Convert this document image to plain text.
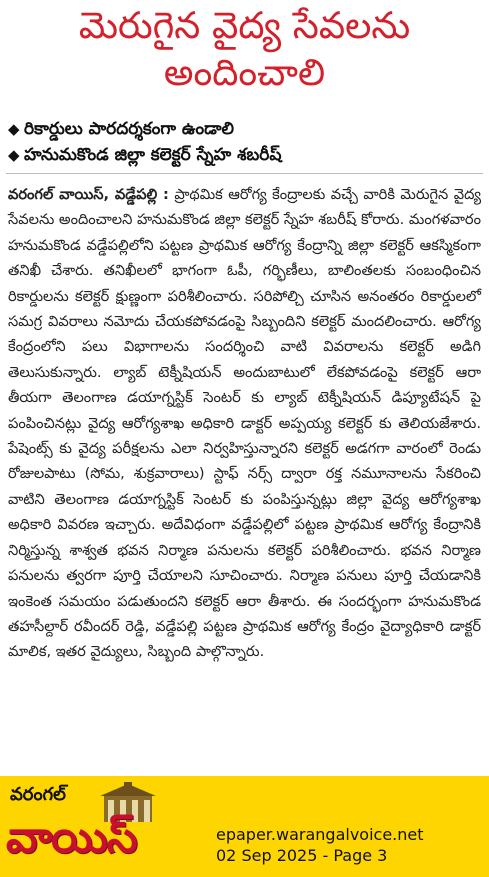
మెరుగైన వైద్య సేవలను
అందించాలి
◆ రికార్డులు పారదర్శకంగా ఉండాలి
◆ హనుమకొండ జిల్లా కలెక్టర్ స్నేహ శబరీష్
వరంగల్ వాయిస్, వడ్డేపల్లి : ప్రాథమిక ఆరోగ్య కేంద్రాలకు వచ్చే వారికి మెరుగైన వైద్య సేవలను అందించాలని హనుమకొండ జిల్లా కలెక్టర్ స్నేహ శబరీష్ కోరారు. మంగళవారం హనుమకొండ వడ్డేపల్లిలోని పట్టణ ప్రాథమిక ఆరోగ్య కేంద్రాన్ని జిల్లా కలెక్టర్ ఆకస్మికంగా తనిఖీ చేశారు. తనిఖీలలో భాగంగా ఓపీ, గర్భిణీలు, బాలింతలకు సంబంధించిన రికార్డులను కలెక్టర్ క్షుణ్ణంగా పరిశీలించారు. సరిపోల్చి చూసిన అనంతరం రికార్డులలో సమగ్ర వివరాలు నమోదు చేయకపోవడంపై సిబ్బందిని కలెక్టర్ మందలించారు. ఆరోగ్య కేంద్రంలోని పలు విభాగాలను సందర్శించి వాటి వివరాలను కలెక్టర్ అడిగి తెలుసుకున్నారు. ల్యాబ్ టెక్నీషియన్ అందుబాటులో లేకపోవడంపై కలెక్టర్ ఆరా తీయగా తెలంగాణ డయాగ్నస్టిక్ సెంటర్ కు ల్యాబ్ టెక్నీషియన్ డిప్యూటేషన్ పై పంపించినట్లు వైద్య ఆరోగ్యశాఖ అధికారి డాక్టర్ అప్పయ్య కలెక్టర్ కు తెలియజేశారు. పేషెంట్స్ కు వైద్య పరీక్షలను ఎలా నిర్వహిస్తున్నారని కలెక్టర్ అడగగా వారంలో రెండు రోజులపాటు (సోమ, శుక్రవారాలు) స్టాఫ్ నర్స్ ద్వారా రక్త నమూనాలను సేకరించి వాటిని తెలంగాణ డయాగ్నస్టిక్ సెంటర్ కు పంపిస్తున్నట్లు జిల్లా వైద్య ఆరోగ్యశాఖ అధికారి వివరణ ఇచ్చారు. అదేవిధంగా వడ్డేపల్లిలో పట్టణ ప్రాథమిక ఆరోగ్య కేంద్రానికి నిర్మిస్తున్న శాశ్వత భవన నిర్మాణ పనులను కలెక్టర్ పరిశీలించారు. భవన నిర్మాణ పనులను త్వరగా పూర్తి చేయాలని సూచించారు. నిర్మాణ పనులు పూర్తి చేయడానికి ఇంకెంత సమయం పడుతుందని కలెక్టర్ ఆరా తీశారు. ఈ సందర్భంగా హనుమకొండ తహసీల్దార్ రవీందర్ రెడ్డి, వడ్డేపల్లి పట్టణ ప్రాథమిక ఆరోగ్య కేంద్రం వైద్యాధికారి డాక్టర్ మాలిక, ఇతర వైద్యులు, సిబ్బంది పాల్గొన్నారు.
వరంగల్
వాయిస్	epaper.warangalvoice.net
02 Sep 2025 - Page 3
